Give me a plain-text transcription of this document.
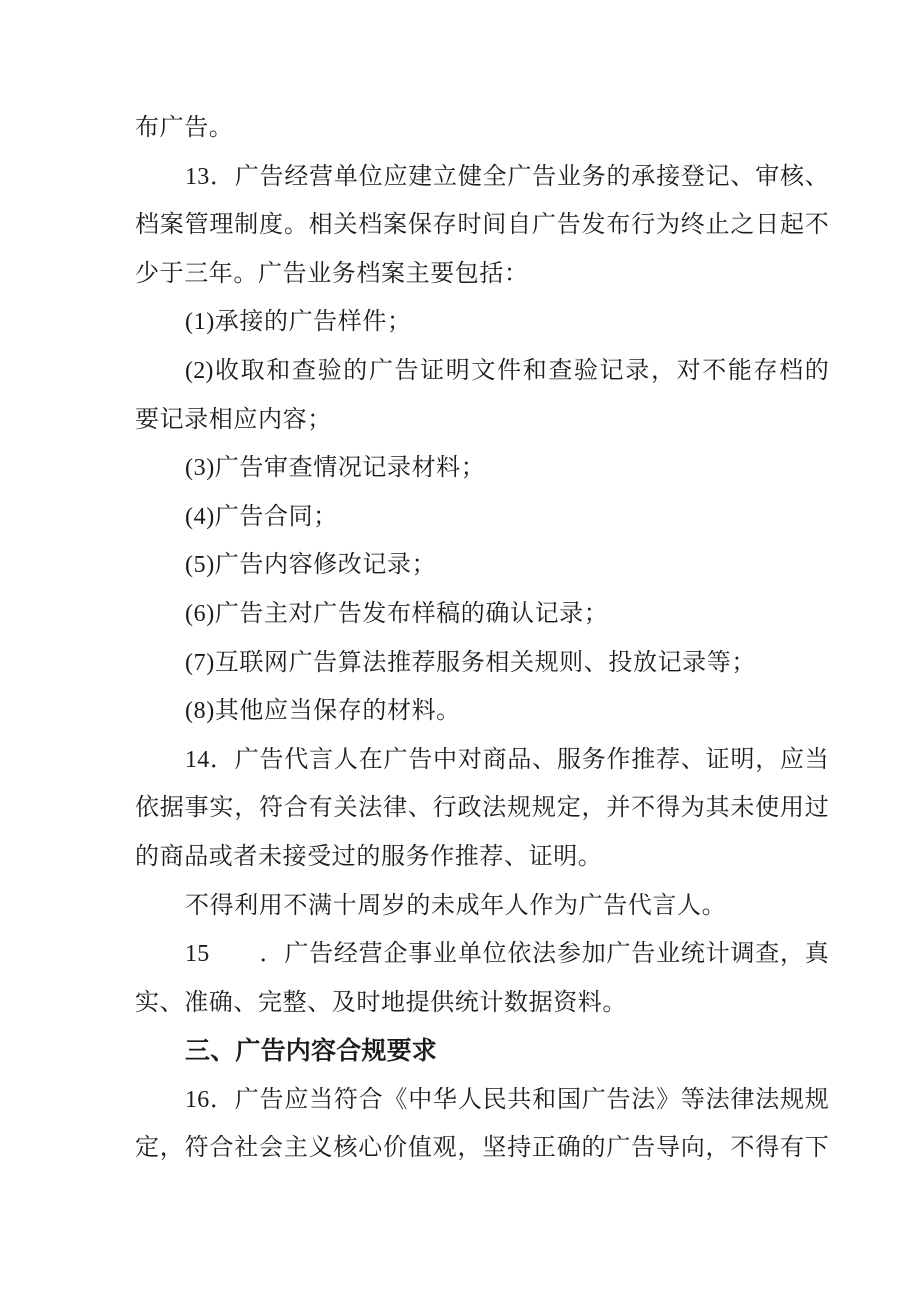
布广告。
13．广告经营单位应建立健全广告业务的承接登记、审核、
档案管理制度。相关档案保存时间自广告发布行为终止之日起不
少于三年。广告业务档案主要包括：
(1)承接的广告样件；
(2)收取和查验的广告证明文件和查验记录，对不能存档的
要记录相应内容；
(3)广告审查情况记录材料；
(4)广告合同；
(5)广告内容修改记录；
(6)广告主对广告发布样稿的确认记录；
(7)互联网广告算法推荐服务相关规则、投放记录等；
(8)其他应当保存的材料。
14．广告代言人在广告中对商品、服务作推荐、证明，应当
依据事实，符合有关法律、行政法规规定，并不得为其未使用过
的商品或者未接受过的服务作推荐、证明。
不得利用不满十周岁的未成年人作为广告代言人。
15　　．广告经营企事业单位依法参加广告业统计调查，真
实、准确、完整、及时地提供统计数据资料。
三、广告内容合规要求
16．广告应当符合《中华人民共和国广告法》等法律法规规
定，符合社会主义核心价值观，坚持正确的广告导向，不得有下
